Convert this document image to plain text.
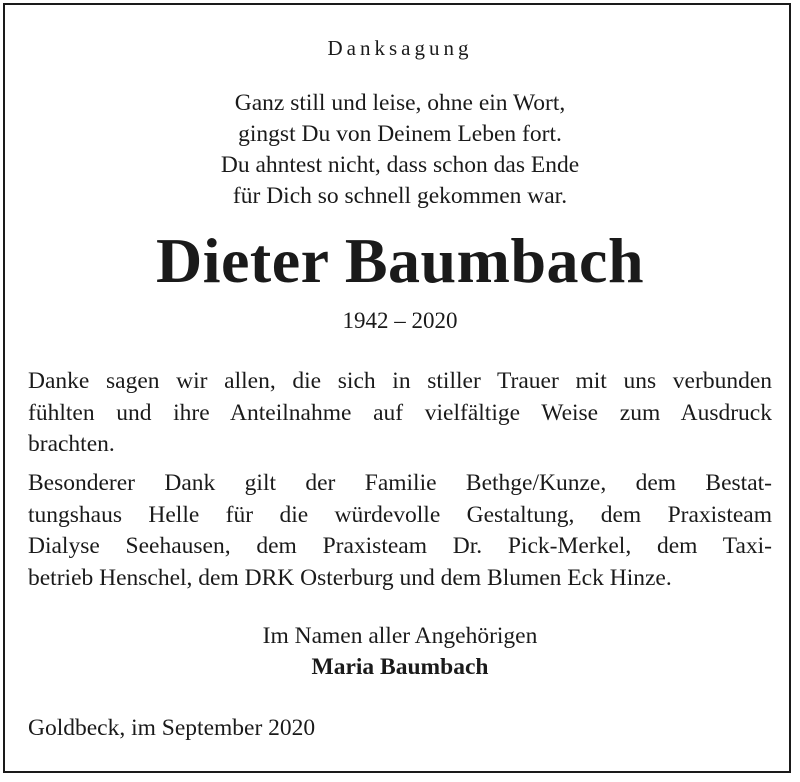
Danksagung
Ganz still und leise, ohne ein Wort,
gingst Du von Deinem Leben fort.
Du ahntest nicht, dass schon das Ende
für Dich so schnell gekommen war.
Dieter Baumbach
1942 – 2020
Danke sagen wir allen, die sich in stiller Trauer mit uns verbunden
fühlten und ihre Anteilnahme auf vielfältige Weise zum Ausdruck
brachten.
Besonderer Dank gilt der Familie Bethge/Kunze, dem Bestat-
tungshaus Helle für die würdevolle Gestaltung, dem Praxisteam
Dialyse Seehausen, dem Praxisteam Dr. Pick-Merkel, dem Taxi-
betrieb Henschel, dem DRK Osterburg und dem Blumen Eck Hinze.
Im Namen aller Angehörigen
Maria Baumbach
Goldbeck, im September 2020
